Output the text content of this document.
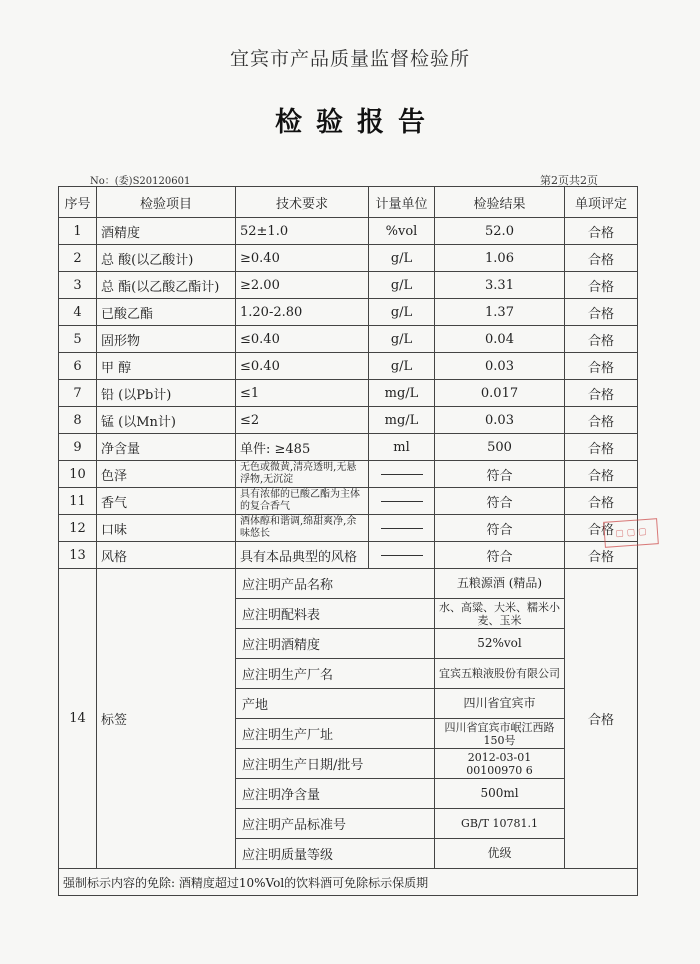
宜宾市产品质量监督检验所
检验报告
No：(委)S20120601	第2页共2页
序号	检验项目	技术要求	计量单位	检验结果	单项评定
1	酒精度	52±1.0	%vol	52.0	合格
2	总 酸(以乙酸计)	≥0.40	g/L	1.06	合格
3	总 酯(以乙酸乙酯计)	≥2.00	g/L	3.31	合格
4	已酸乙酯	1.20-2.80	g/L	1.37	合格
5	固形物	≤0.40	g/L	0.04	合格
6	甲 醇	≤0.40	g/L	0.03	合格
7	铅 (以Pb计)	≤1	mg/L	0.017	合格
8	锰 (以Mn计)	≤2	mg/L	0.03	合格
9	净含量	单件: ≥485	ml	500	合格
10	色泽	无色或微黄,清亮透明,无悬浮物,无沉淀		符合	合格
11	香气	具有浓郁的已酸乙酯为主体的复合香气		符合	合格
12	口味	酒体醇和谐调,绵甜爽净,余味悠长		符合	合格
13	风格	具有本品典型的风格		符合	合格
14	标签	应注明产品名称		五粮源酒 (精品)	合格
		应注明配料表		水、高粱、大米、糯米小麦、玉米	
		应注明酒精度		52%vol	
		应注明生产厂名		宜宾五粮液股份有限公司	
		产地		四川省宜宾市	
		应注明生产厂址		四川省宜宾市岷江西路150号	
		应注明生产日期/批号		2012-03-01 00100970 6	
		应注明净含量		500ml	
		应注明产品标准号		GB/T 10781.1	
		应注明质量等级		优级	
强制标示内容的免除: 酒精度超过10%Vol的饮料酒可免除标示保质期					
▢ ▢ ▢
